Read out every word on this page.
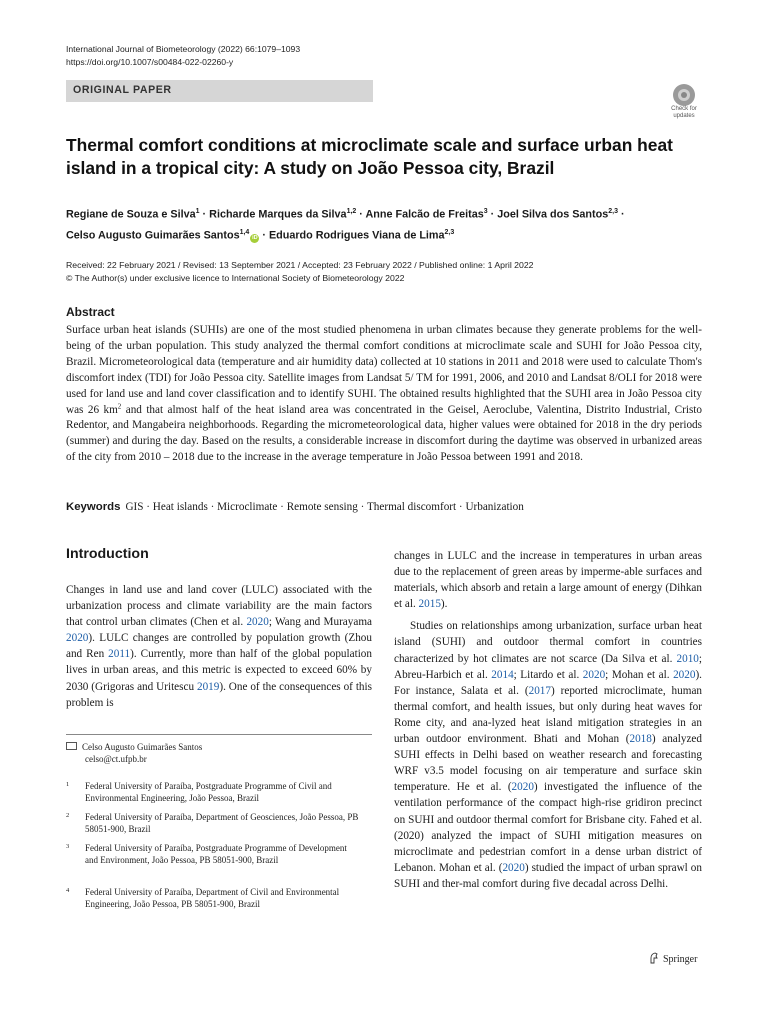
International Journal of Biometeorology (2022) 66:1079–1093
https://doi.org/10.1007/s00484-022-02260-y
ORIGINAL PAPER
Check for updates
Thermal comfort conditions at microclimate scale and surface urban heat island in a tropical city: A study on João Pessoa city, Brazil
Regiane de Souza e Silva$^1$ · Richarde Marques da Silva$^{1,2}$ · Anne Falcão de Freitas$^3$ · Joel Silva dos Santos$^{2,3}$ ·
Celso Augusto Guimarães Santos$^{1,4}$iD · Eduardo Rodrigues Viana de Lima$^{2,3}$
Received: 22 February 2021 / Revised: 13 September 2021 / Accepted: 23 February 2022 / Published online: 1 April 2022
© The Author(s) under exclusive licence to International Society of Biometeorology 2022
Abstract
Surface urban heat islands (SUHIs) are one of the most studied phenomena in urban climates because they generate problems for the well-being of the urban population. This study analyzed the thermal comfort conditions at microclimate scale and SUHI for João Pessoa city, Brazil. Micrometeorological data (temperature and air humidity data) collected at 10 stations in 2011 and 2018 were used to calculate Thom's discomfort index (TDI) for João Pessoa city. Satellite images from Landsat 5/ TM for 1991, 2006, and 2010 and Landsat 8/OLI for 2018 were used for land use and land cover classification and to identify SUHI. The obtained results highlighted that the SUHI area in João Pessoa city was 26 $km^2$ and that almost half of the heat island area was concentrated in the Geisel, Aeroclube, Valentina, Distrito Industrial, Cristo Redentor, and Mangabeira neighborhoods. Regarding the micrometeorological data, higher values were obtained for 2018 in the dry periods (summer) and during the day. Based on the results, a considerable increase in discomfort during the daytime was observed in urbanized areas of the city from 2010 – 2018 due to the increase in the average temperature in João Pessoa between 1991 and 2018.
Keywords GIS · Heat islands · Microclimate · Remote sensing · Thermal discomfort · Urbanization
Introduction
Changes in land use and land cover (LULC) associated with the urbanization process and climate variability are the main factors that control urban climates (Chen et al. 2020; Wang and Murayama 2020). LULC changes are controlled by population growth (Zhou and Ren 2011). Currently, more than half of the global population lives in urban areas, and this metric is expected to exceed 60% by 2030 (Grigoras and Uritescu 2019). One of the consequences of this problem is
changes in LULC and the increase in temperatures in urban areas due to the replacement of green areas by imperme-able surfaces and materials, which absorb and retain a large amount of energy (Dihkan et al. 2015).
Studies on relationships among urbanization, surface urban heat island (SUHI) and outdoor thermal comfort in countries characterized by hot climates are not scarce (Da Silva et al. 2010; Abreu-Harbich et al. 2014; Litardo et al. 2020; Mohan et al. 2020). For instance, Salata et al. (2017) reported microclimate, human thermal comfort, and health issues, but only during heat waves for Rome city, and ana-lyzed heat island mitigation strategies in an urban outdoor environment. Bhati and Mohan (2018) analyzed SUHI effects in Delhi based on weather research and forecasting WRF v3.5 model focusing on air temperature and surface skin temperature. He et al. (2020) investigated the influence of the ventilation performance of the compact high-rise gridiron precinct on SUHI and outdoor thermal comfort for Brisbane city. Fahed et al. (2020) analyzed the impact of SUHI mitigation measures on microclimate and pedestrian comfort in a dense urban district of Lebanon. Mohan et al. (2020) studied the impact of urban sprawl on SUHI and ther-mal comfort during five decadal across Delhi.
Celso Augusto Guimarães Santos
celso@ct.ufpb.br
1 Federal University of Paraíba, Postgraduate Programme of Civil and Environmental Engineering, João Pessoa, Brazil
2 Federal University of Paraíba, Department of Geosciences, João Pessoa, PB 58051-900, Brazil
3 Federal University of Paraíba, Postgraduate Programme of Development and Environment, João Pessoa, PB 58051-900, Brazil
4 Federal University of Paraíba, Department of Civil and Environmental Engineering, João Pessoa, PB 58051-900, Brazil
Springer
